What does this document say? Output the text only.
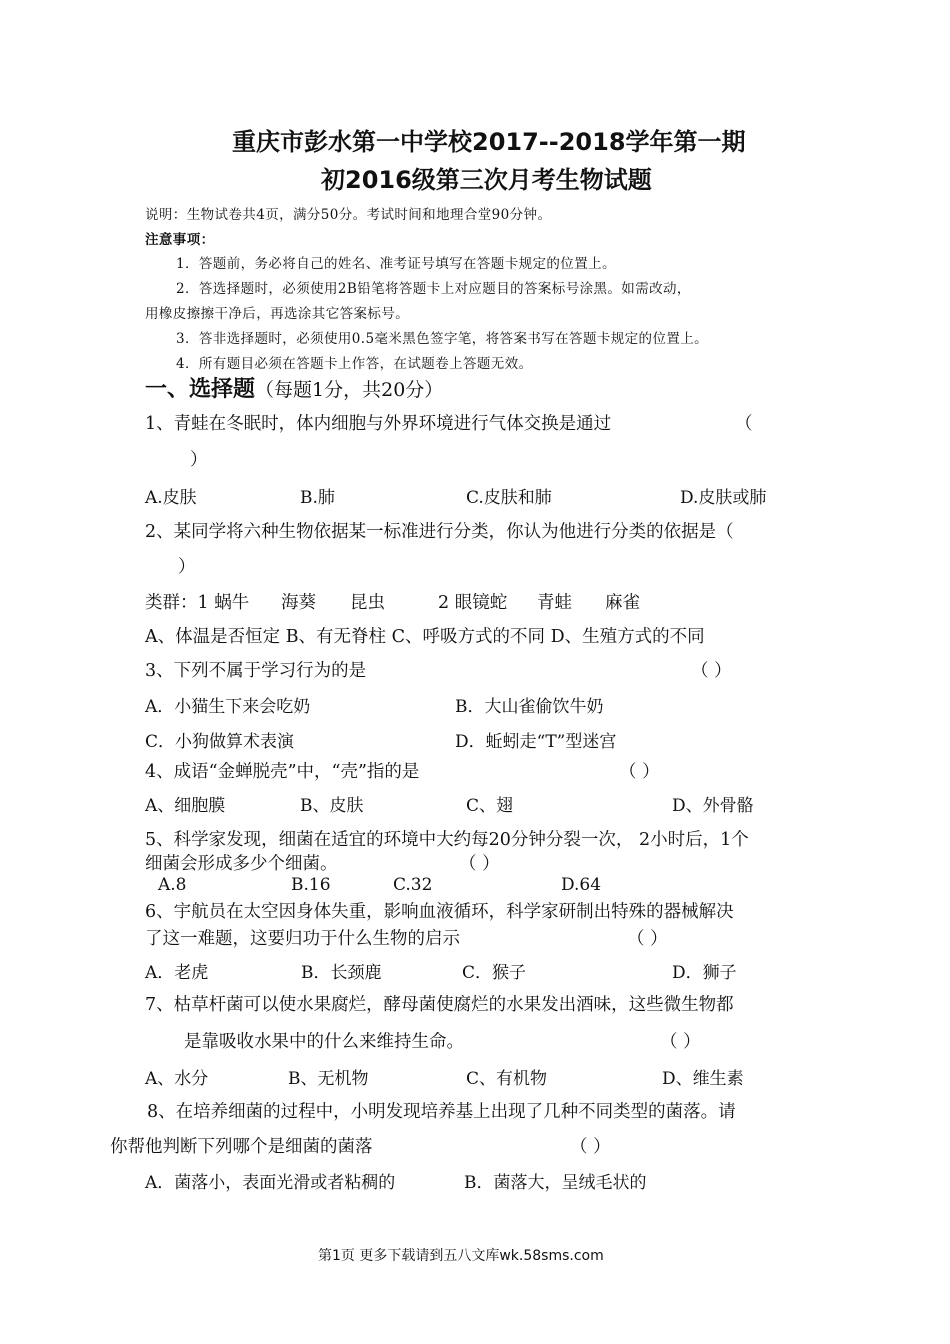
重庆市彭水第一中学校2017--2018学年第一期
初2016级第三次月考生物试题
说明：生物试卷共4页，满分50分。考试时间和地理合堂90分钟。
注意事项：
1．答题前，务必将自己的姓名、准考证号填写在答题卡规定的位置上。
2．答选择题时，必须使用2B铅笔将答题卡上对应题目的答案标号涂黑。如需改动，
用橡皮擦擦干净后，再选涂其它答案标号。
3．答非选择题时，必须使用0.5毫米黑色签字笔，将答案书写在答题卡规定的位置上。
4．所有题目必须在答题卡上作答，在试题卷上答题无效。
一、选择题（每题1分，共20分）
1、青蛙在冬眠时，体内细胞与外界环境进行气体交换是通过	（
）
A.皮肤	B.肺	C.皮肤和肺	D.皮肤或肺
2、某同学将六种生物依据某一标准进行分类，你认为他进行分类的依据是（
）
类群：1 蜗牛 海葵 昆虫	2 眼镜蛇 青蛙 麻雀
A、体温是否恒定 B、有无脊柱 C、呼吸方式的不同 D、生殖方式的不同
3、下列不属于学习行为的是	（ ）
A．小猫生下来会吃奶	B．大山雀偷饮牛奶
C．小狗做算术表演	D．蚯蚓走“T”型迷宫
4、成语“金蝉脱壳”中，“壳”指的是	（ ）
A、细胞膜	B、皮肤	C、翅	D、外骨骼
5、科学家发现，细菌在适宜的环境中大约每20分钟分裂一次， 2小时后，1个
细菌会形成多少个细菌。	（ ）
A.8	B.16	C.32	D.64
6、宇航员在太空因身体失重，影响血液循环，科学家研制出特殊的器械解决
了这一难题，这要归功于什么生物的启示	（ ）
A．老虎	B．长颈鹿	C．猴子	D．狮子
7、枯草杆菌可以使水果腐烂，酵母菌使腐烂的水果发出酒味，这些微生物都
是靠吸收水果中的什么来维持生命。	（ ）
A、水分	B、无机物	C、有机物	D、维生素
8、在培养细菌的过程中，小明发现培养基上出现了几种不同类型的菌落。请
你帮他判断下列哪个是细菌的菌落	（ ）
A．菌落小，表面光滑或者粘稠的	B．菌落大，呈绒毛状的
第1页 更多下载请到五八文库wk.58sms.com
